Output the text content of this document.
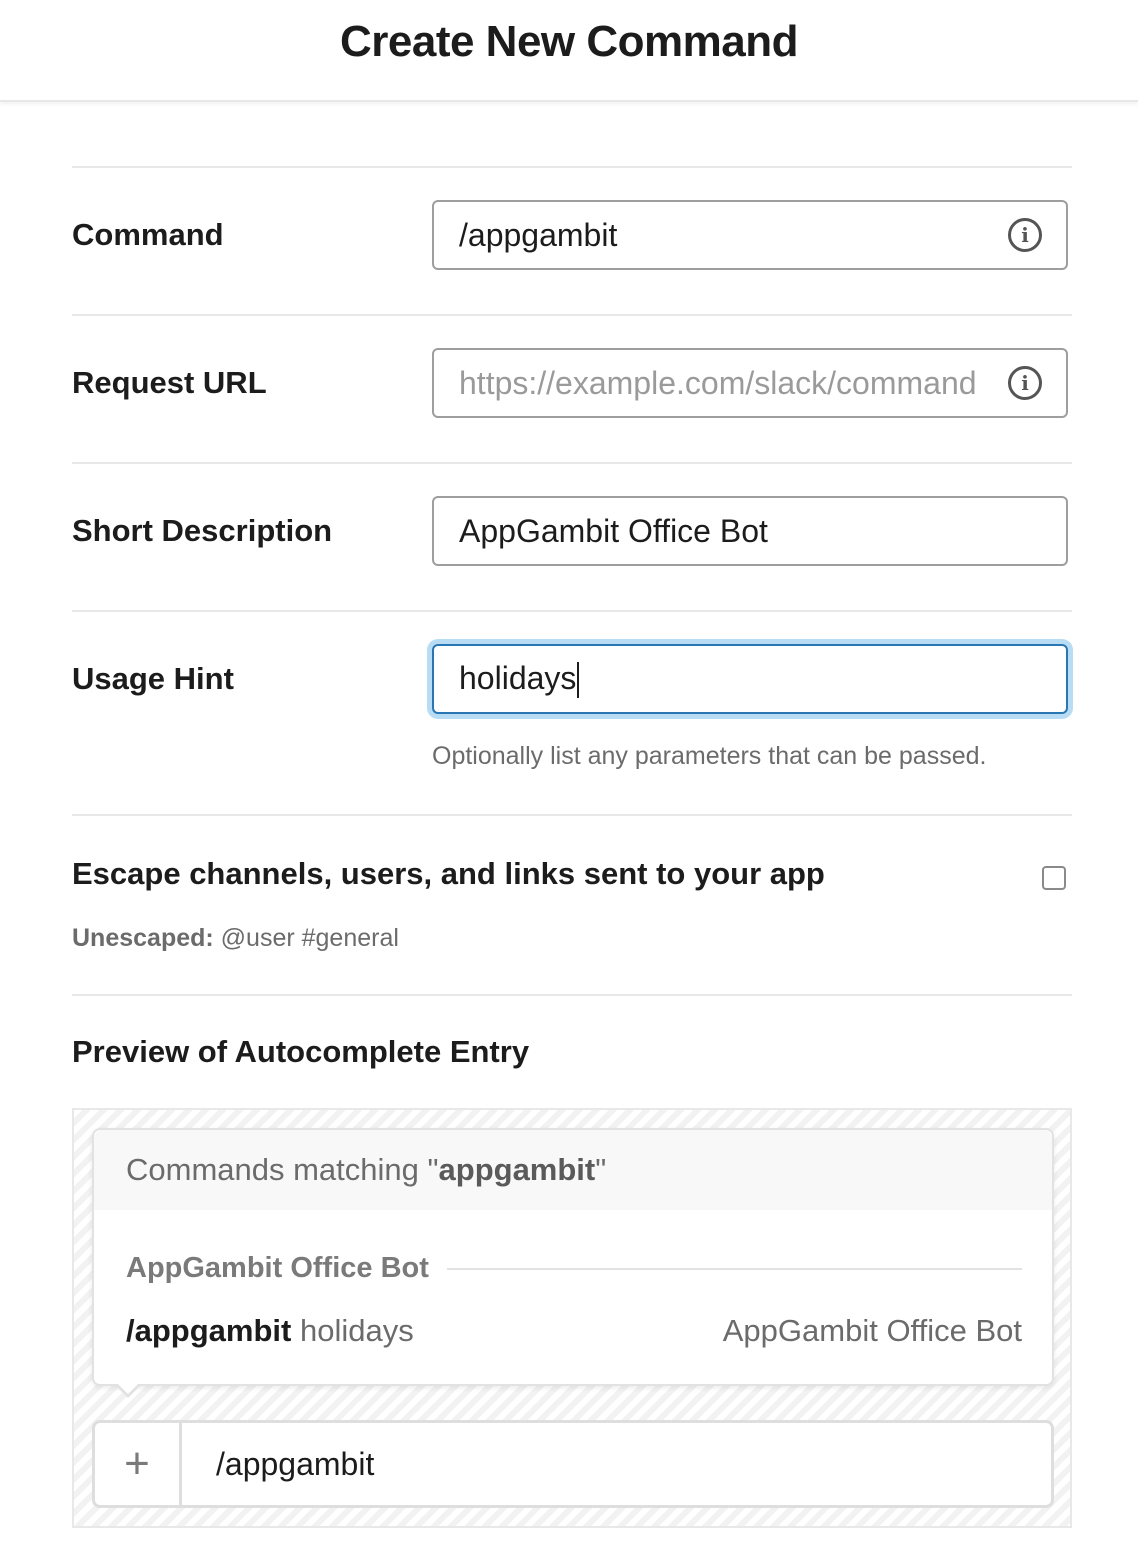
Create New Command
Command	/appgambit	i
Request URL	https://example.com/slack/command	i
Short Description	AppGambit Office Bot
Usage Hint	holidays
Optionally list any parameters that can be passed.
Escape channels, users, and links sent to your app
Unescaped: @user #general
Preview of Autocomplete Entry
Commands matching " appgambit "
AppGambit Office Bot
/appgambit holidays	AppGambit Office Bot
+	/appgambit
